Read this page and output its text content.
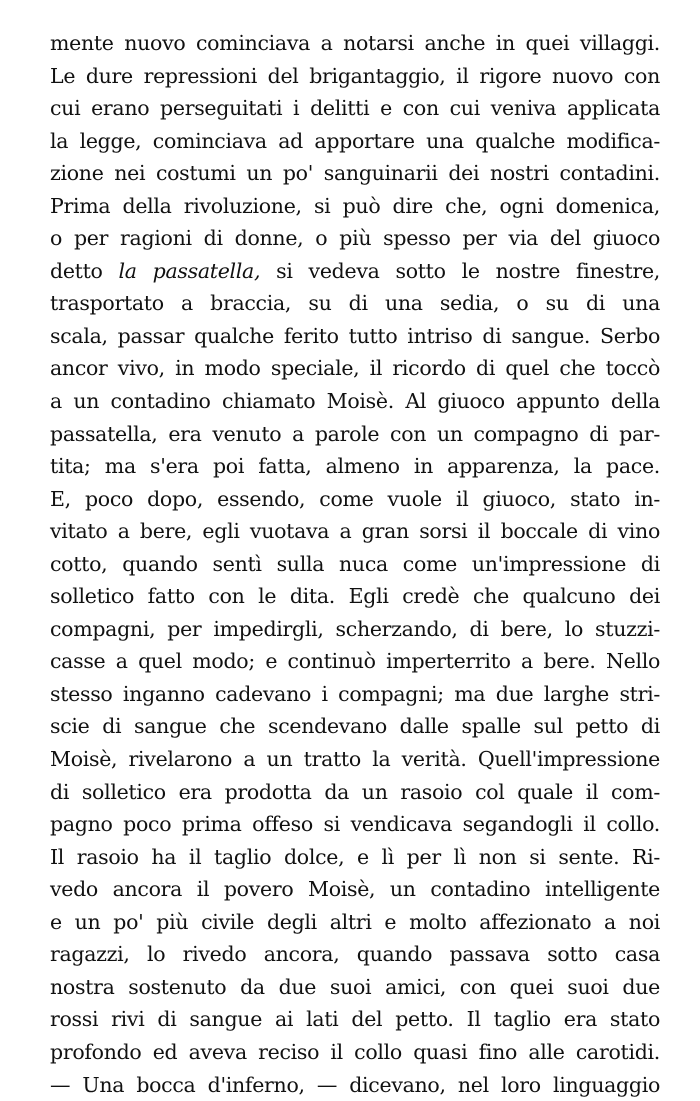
mente nuovo cominciava a notarsi anche in quei villaggi.
Le dure repressioni del brigantaggio, il rigore nuovo con
cui erano perseguitati i delitti e con cui veniva applicata
la legge, cominciava ad apportare una qualche modifica-
zione nei costumi un po' sanguinarii dei nostri contadini.
Prima della rivoluzione, si può dire che, ogni domenica,
o per ragioni di donne, o più spesso per via del giuoco
detto la passatella, si vedeva sotto le nostre finestre,
trasportato a braccia, su di una sedia, o su di una
scala, passar qualche ferito tutto intriso di sangue. Serbo
ancor vivo, in modo speciale, il ricordo di quel che toccò
a un contadino chiamato Moisè. Al giuoco appunto della
passatella, era venuto a parole con un compagno di par-
tita; ma s'era poi fatta, almeno in apparenza, la pace.
E, poco dopo, essendo, come vuole il giuoco, stato in-
vitato a bere, egli vuotava a gran sorsi il boccale di vino
cotto, quando sentì sulla nuca come un'impressione di
solletico fatto con le dita. Egli credè che qualcuno dei
compagni, per impedirgli, scherzando, di bere, lo stuzzi-
casse a quel modo; e continuò imperterrito a bere. Nello
stesso inganno cadevano i compagni; ma due larghe stri-
scie di sangue che scendevano dalle spalle sul petto di
Moisè, rivelarono a un tratto la verità. Quell'impressione
di solletico era prodotta da un rasoio col quale il com-
pagno poco prima offeso si vendicava segandogli il collo.
Il rasoio ha il taglio dolce, e lì per lì non si sente. Ri-
vedo ancora il povero Moisè, un contadino intelligente
e un po' più civile degli altri e molto affezionato a noi
ragazzi, lo rivedo ancora, quando passava sotto casa
nostra sostenuto da due suoi amici, con quei suoi due
rossi rivi di sangue ai lati del petto. Il taglio era stato
profondo ed aveva reciso il collo quasi fino alle carotidi.
— Una bocca d'inferno, — dicevano, nel loro linguaggio
